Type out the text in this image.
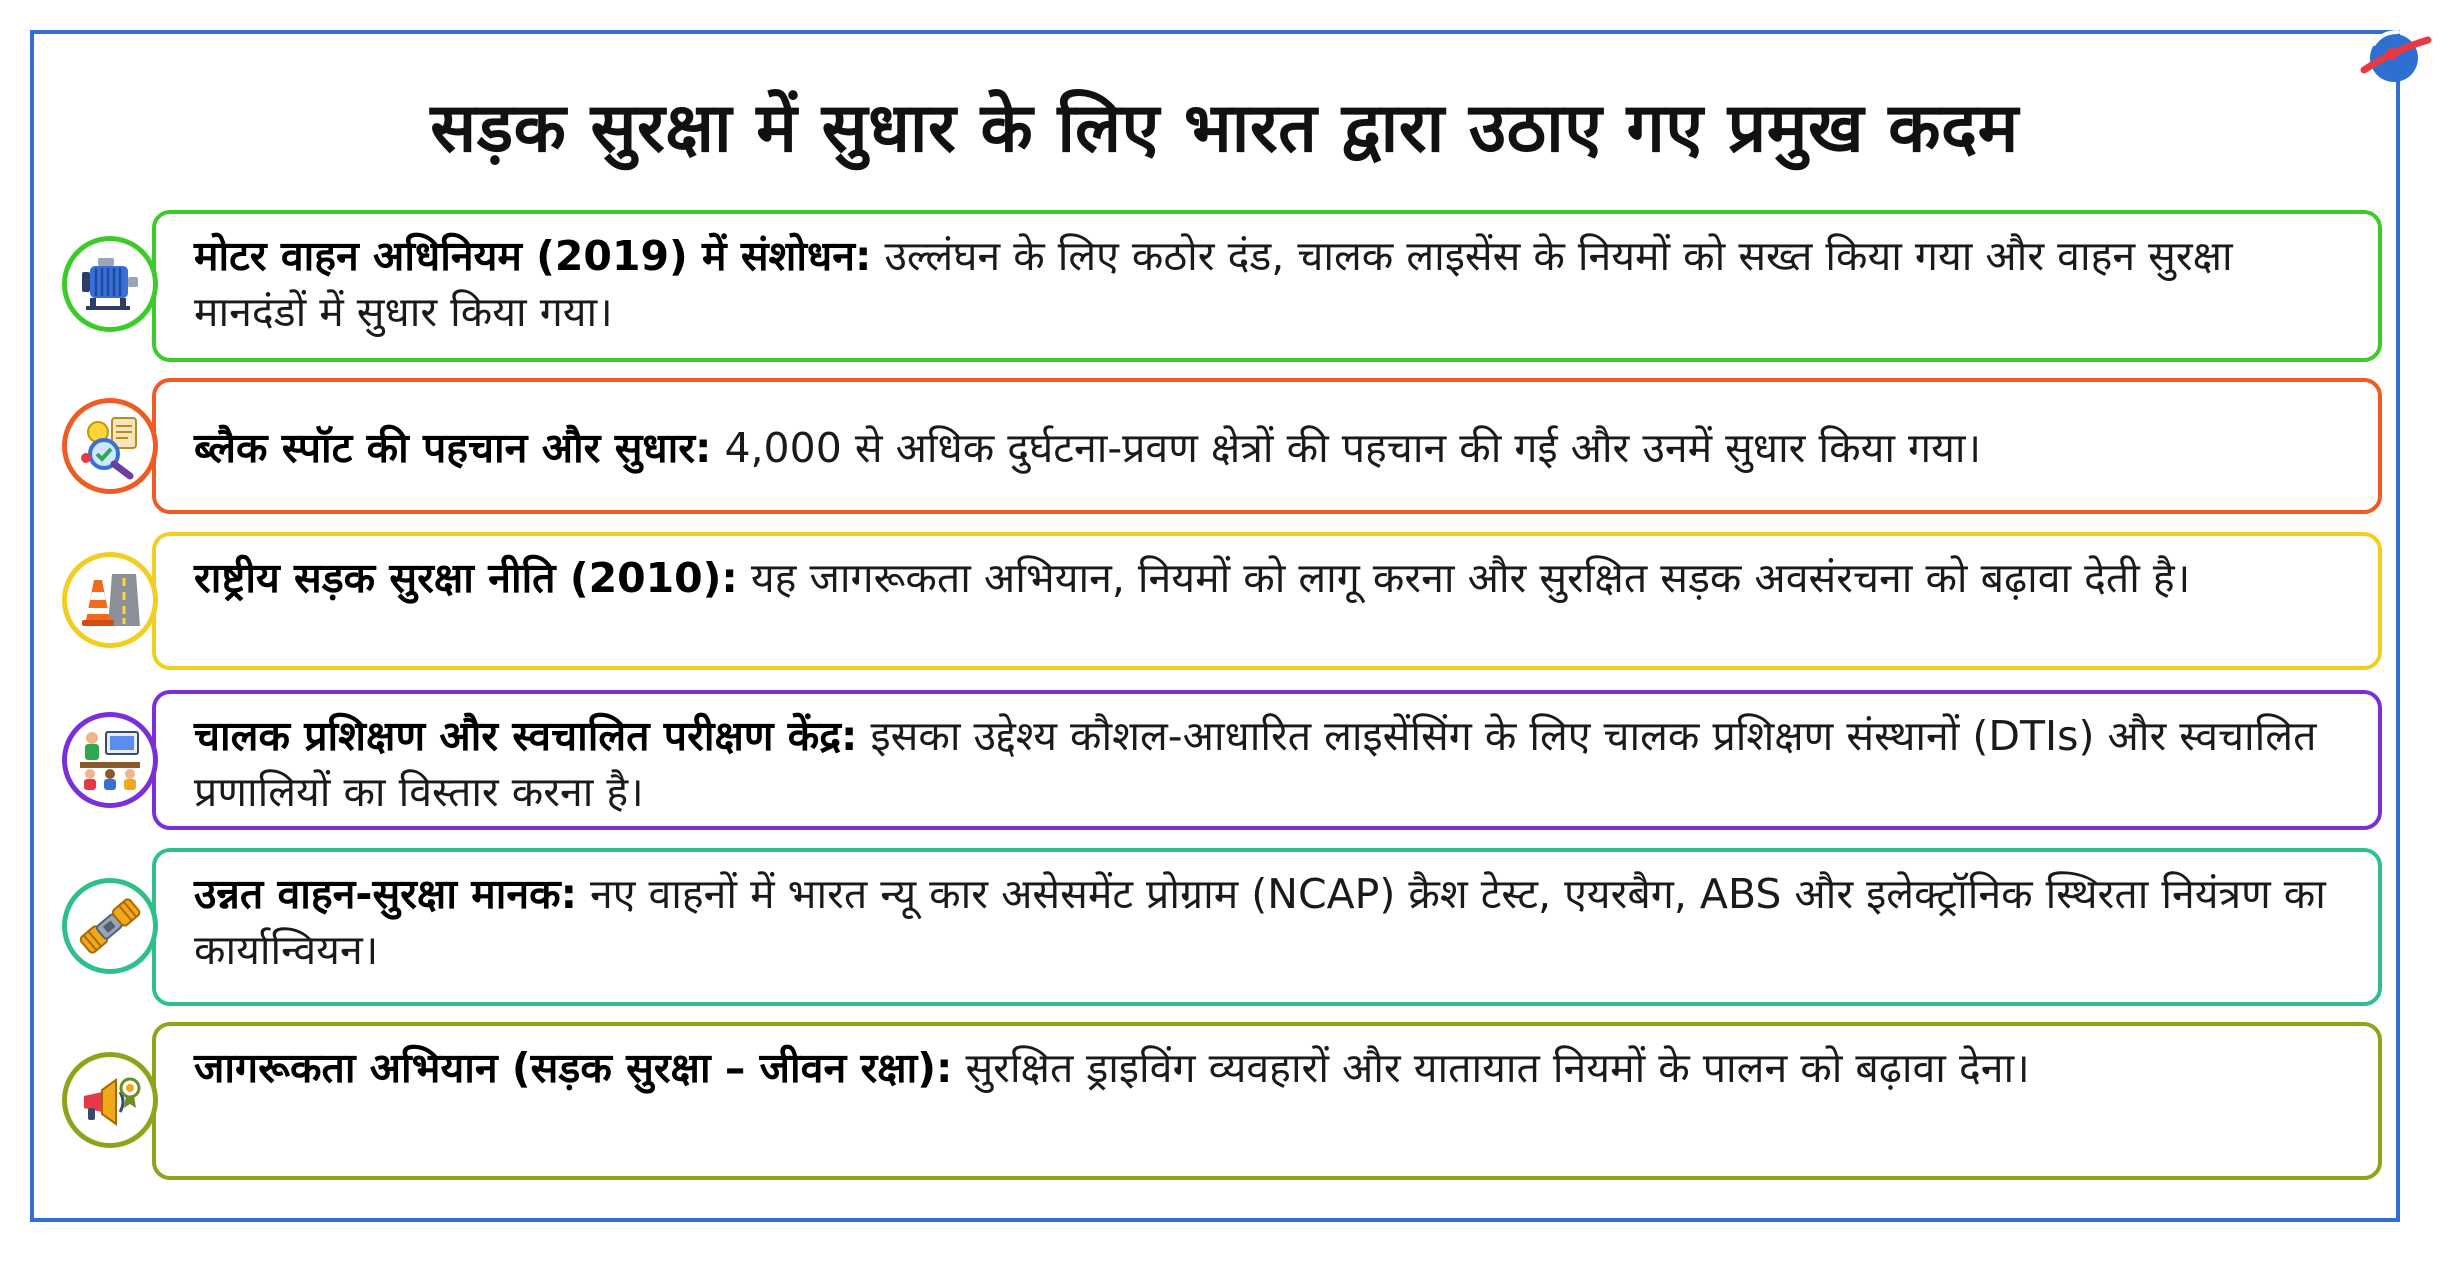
सड़क सुरक्षा में सुधार के लिए भारत द्वारा उठाए गए प्रमुख कदम

मोटर वाहन अधिनियम (2019) में संशोधन: उल्लंघन के लिए कठोर दंड, चालक लाइसेंस के नियमों को सख्त किया गया और वाहन सुरक्षा मानदंडों में सुधार किया गया।

ब्लैक स्पॉट की पहचान और सुधार: 4,000 से अधिक दुर्घटना-प्रवण क्षेत्रों की पहचान की गई और उनमें सुधार किया गया।

राष्ट्रीय सड़क सुरक्षा नीति (2010): यह जागरूकता अभियान, नियमों को लागू करना और सुरक्षित सड़क अवसंरचना को बढ़ावा देती है।

चालक प्रशिक्षण और स्वचालित परीक्षण केंद्र: इसका उद्देश्य कौशल-आधारित लाइसेंसिंग के लिए चालक प्रशिक्षण संस्थानों (DTIs) और स्वचालित प्रणालियों का विस्तार करना है।

उन्नत वाहन-सुरक्षा मानक: नए वाहनों में भारत न्यू कार असेसमेंट प्रोग्राम (NCAP) क्रैश टेस्ट, एयरबैग, ABS और इलेक्ट्रॉनिक स्थिरता नियंत्रण का कार्यान्वियन।

जागरूकता अभियान (सड़क सुरक्षा – जीवन रक्षा): सुरक्षित ड्राइविंग व्यवहारों और यातायात नियमों के पालन को बढ़ावा देना।
